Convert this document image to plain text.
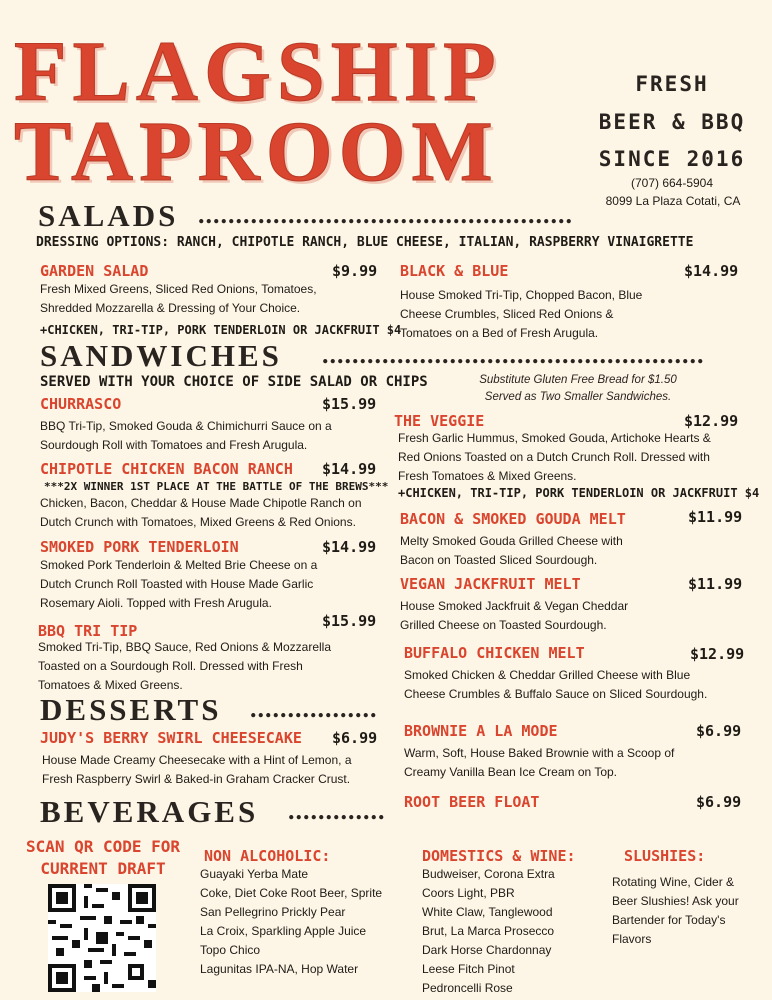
FLAGSHIP
TAPROOM
FRESH
BEER & BBQ
SINCE 2016
(707) 664-5904
8099 La Plaza Cotati, CA
SALADS ..................................................
DRESSING OPTIONS: RANCH, CHIPOTLE RANCH, BLUE CHEESE, ITALIAN, RASPBERRY VINAIGRETTE
GARDEN SALAD	$9.99
Fresh Mixed Greens, Sliced Red Onions, Tomatoes, Shredded Mozzarella & Dressing of Your Choice.
+CHICKEN, TRI-TIP, PORK TENDERLOIN OR JACKFRUIT $4
BLACK & BLUE	$14.99
House Smoked Tri-Tip, Chopped Bacon, Blue Cheese Crumbles, Sliced Red Onions & Tomatoes on a Bed of Fresh Arugula.
SANDWICHES ...................................................
SERVED WITH YOUR CHOICE OF SIDE SALAD OR CHIPS	Substitute Gluten Free Bread for $1.50 Served as Two Smaller Sandwiches.
CHURRASCO	$15.99
BBQ Tri-Tip, Smoked Gouda & Chimichurri Sauce on a Sourdough Roll with Tomatoes and Fresh Arugula.
CHIPOTLE CHICKEN BACON RANCH $14.99
***2X WINNER 1ST PLACE AT THE BATTLE OF THE BREWS***
Chicken, Bacon, Cheddar & House Made Chipotle Ranch on Dutch Crunch with Tomatoes, Mixed Greens & Red Onions.
SMOKED PORK TENDERLOIN	$14.99
Smoked Pork Tenderloin & Melted Brie Cheese on a Dutch Crunch Roll Toasted with House Made Garlic Rosemary Aioli. Topped with Fresh Arugula.
BBQ TRI TIP
$15.99
Smoked Tri-Tip, BBQ Sauce, Red Onions & Mozzarella Toasted on a Sourdough Roll. Dressed with Fresh Tomatoes & Mixed Greens.
THE VEGGIE	$12.99
Fresh Garlic Hummus, Smoked Gouda, Artichoke Hearts & Red Onions Toasted on a Dutch Crunch Roll. Dressed with Fresh Tomatoes & Mixed Greens.
+CHICKEN, TRI-TIP, PORK TENDERLOIN OR JACKFRUIT $4
BACON & SMOKED GOUDA MELT	$11.99
Melty Smoked Gouda Grilled Cheese with Bacon on Toasted Sliced Sourdough.
VEGAN JACKFRUIT MELT	$11.99
House Smoked Jackfruit & Vegan Cheddar Grilled Cheese on Toasted Sourdough.
BUFFALO CHICKEN MELT	$12.99
Smoked Chicken & Cheddar Grilled Cheese with Blue Cheese Crumbles & Buffalo Sauce on Sliced Sourdough.
DESSERTS .................
JUDY'S BERRY SWIRL CHEESECAKE $6.99
House Made Creamy Cheesecake with a Hint of Lemon, a Fresh Raspberry Swirl & Baked-in Graham Cracker Crust.
BROWNIE A LA MODE	$6.99
Warm, Soft, House Baked Brownie with a Scoop of Creamy Vanilla Bean Ice Cream on Top.
ROOT BEER FLOAT	$6.99
BEVERAGES .............
SCAN QR CODE FOR CURRENT DRAFT
NON ALCOHOLIC:
Guayaki Yerba Mate
Coke, Diet Coke Root Beer, Sprite
San Pellegrino Prickly Pear
La Croix, Sparkling Apple Juice
Topo Chico
Lagunitas IPA-NA, Hop Water
DOMESTICS & WINE:
Budweiser, Corona Extra
Coors Light, PBR
White Claw, Tanglewood
Brut, La Marca Prosecco
Dark Horse Chardonnay
Leese Fitch Pinot
Pedroncelli Rose
SLUSHIES:
Rotating Wine, Cider & Beer Slushies! Ask your Bartender for Today's Flavors
